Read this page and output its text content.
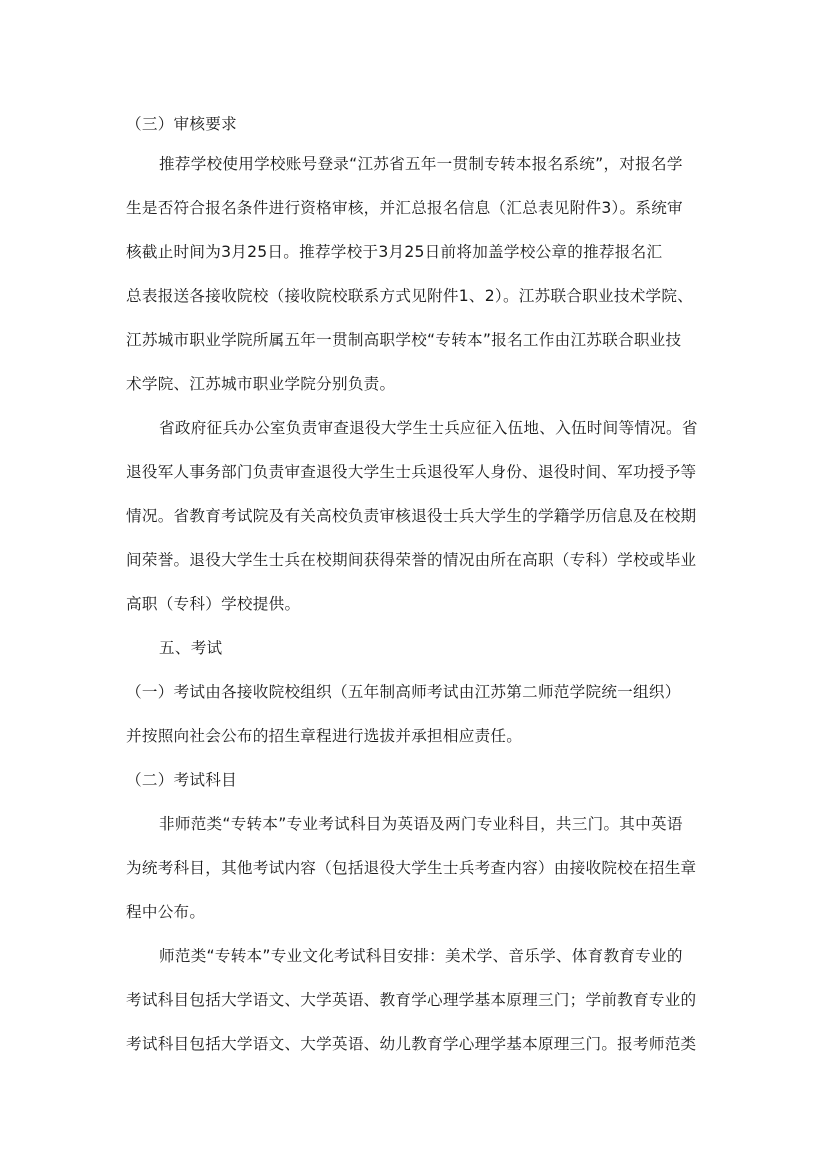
（三）审核要求
推荐学校使用学校账号登录“江苏省五年一贯制专转本报名系统”，对报名学
生是否符合报名条件进行资格审核，并汇总报名信息（汇总表见附件3）。系统审
核截止时间为3月25日。推荐学校于3月25日前将加盖学校公章的推荐报名汇
总表报送各接收院校（接收院校联系方式见附件1、2）。江苏联合职业技术学院、
江苏城市职业学院所属五年一贯制高职学校“专转本”报名工作由江苏联合职业技
术学院、江苏城市职业学院分别负责。
省政府征兵办公室负责审查退役大学生士兵应征入伍地、入伍时间等情况。省
退役军人事务部门负责审查退役大学生士兵退役军人身份、退役时间、军功授予等
情况。省教育考试院及有关高校负责审核退役士兵大学生的学籍学历信息及在校期
间荣誉。退役大学生士兵在校期间获得荣誉的情况由所在高职（专科）学校或毕业
高职（专科）学校提供。
五、考试
（一）考试由各接收院校组织（五年制高师考试由江苏第二师范学院统一组织）
并按照向社会公布的招生章程进行选拔并承担相应责任。
（二）考试科目
非师范类“专转本”专业考试科目为英语及两门专业科目，共三门。其中英语
为统考科目，其他考试内容（包括退役大学生士兵考查内容）由接收院校在招生章
程中公布。
师范类“专转本”专业文化考试科目安排：美术学、音乐学、体育教育专业的
考试科目包括大学语文、大学英语、教育学心理学基本原理三门；学前教育专业的
考试科目包括大学语文、大学英语、幼儿教育学心理学基本原理三门。报考师范类
